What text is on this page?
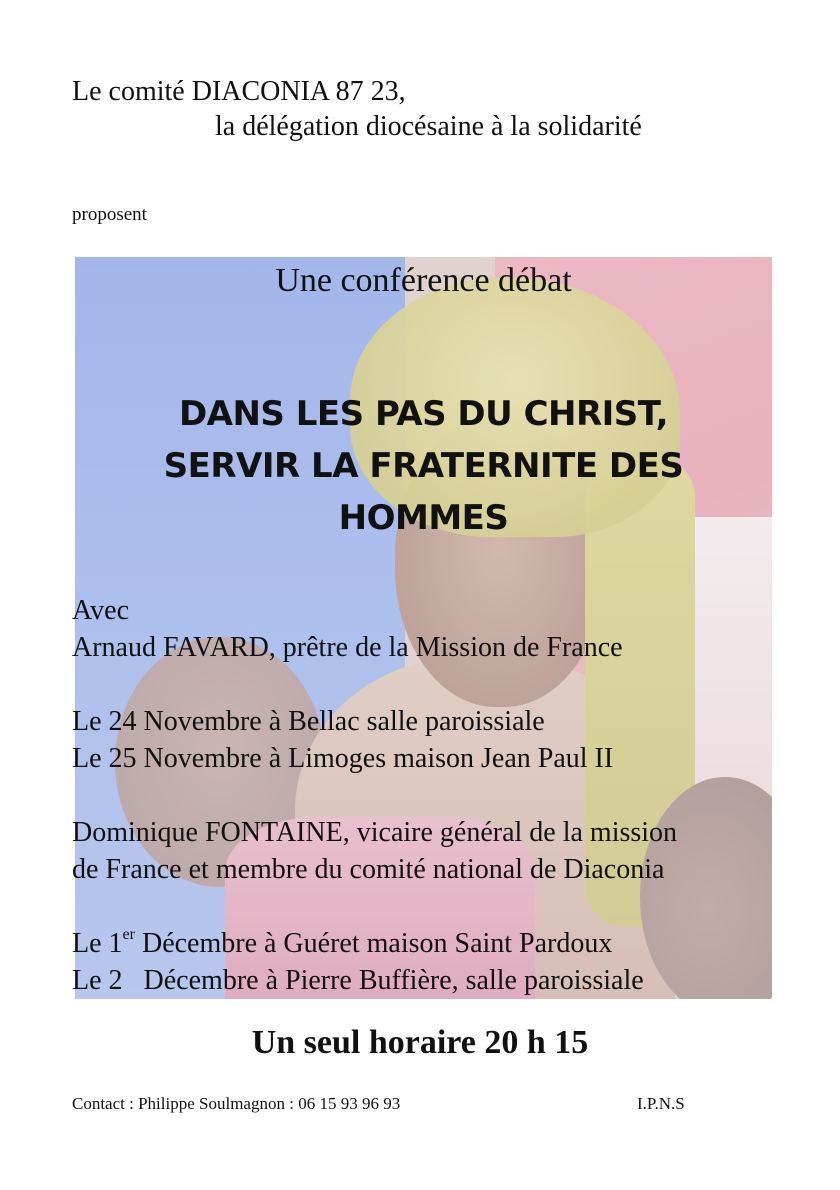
Le comité DIACONIA 87 23,
la délégation diocésaine à la solidarité
proposent
Une conférence débat
DANS LES PAS DU CHRIST,
SERVIR LA FRATERNITE DES
HOMMES
Avec
Arnaud FAVARD, prêtre de la Mission de France
Le 24 Novembre à Bellac salle paroissiale
Le 25 Novembre à Limoges maison Jean Paul II
Dominique FONTAINE, vicaire général de la mission
de France et membre du comité national de Diaconia
Le 1er Décembre à Guéret maison Saint Pardoux
Le 2   Décembre à Pierre Buffière, salle paroissiale
Un seul horaire 20 h 15
Contact : Philippe Soulmagnon : 06 15 93 96 93	I.P.N.S
